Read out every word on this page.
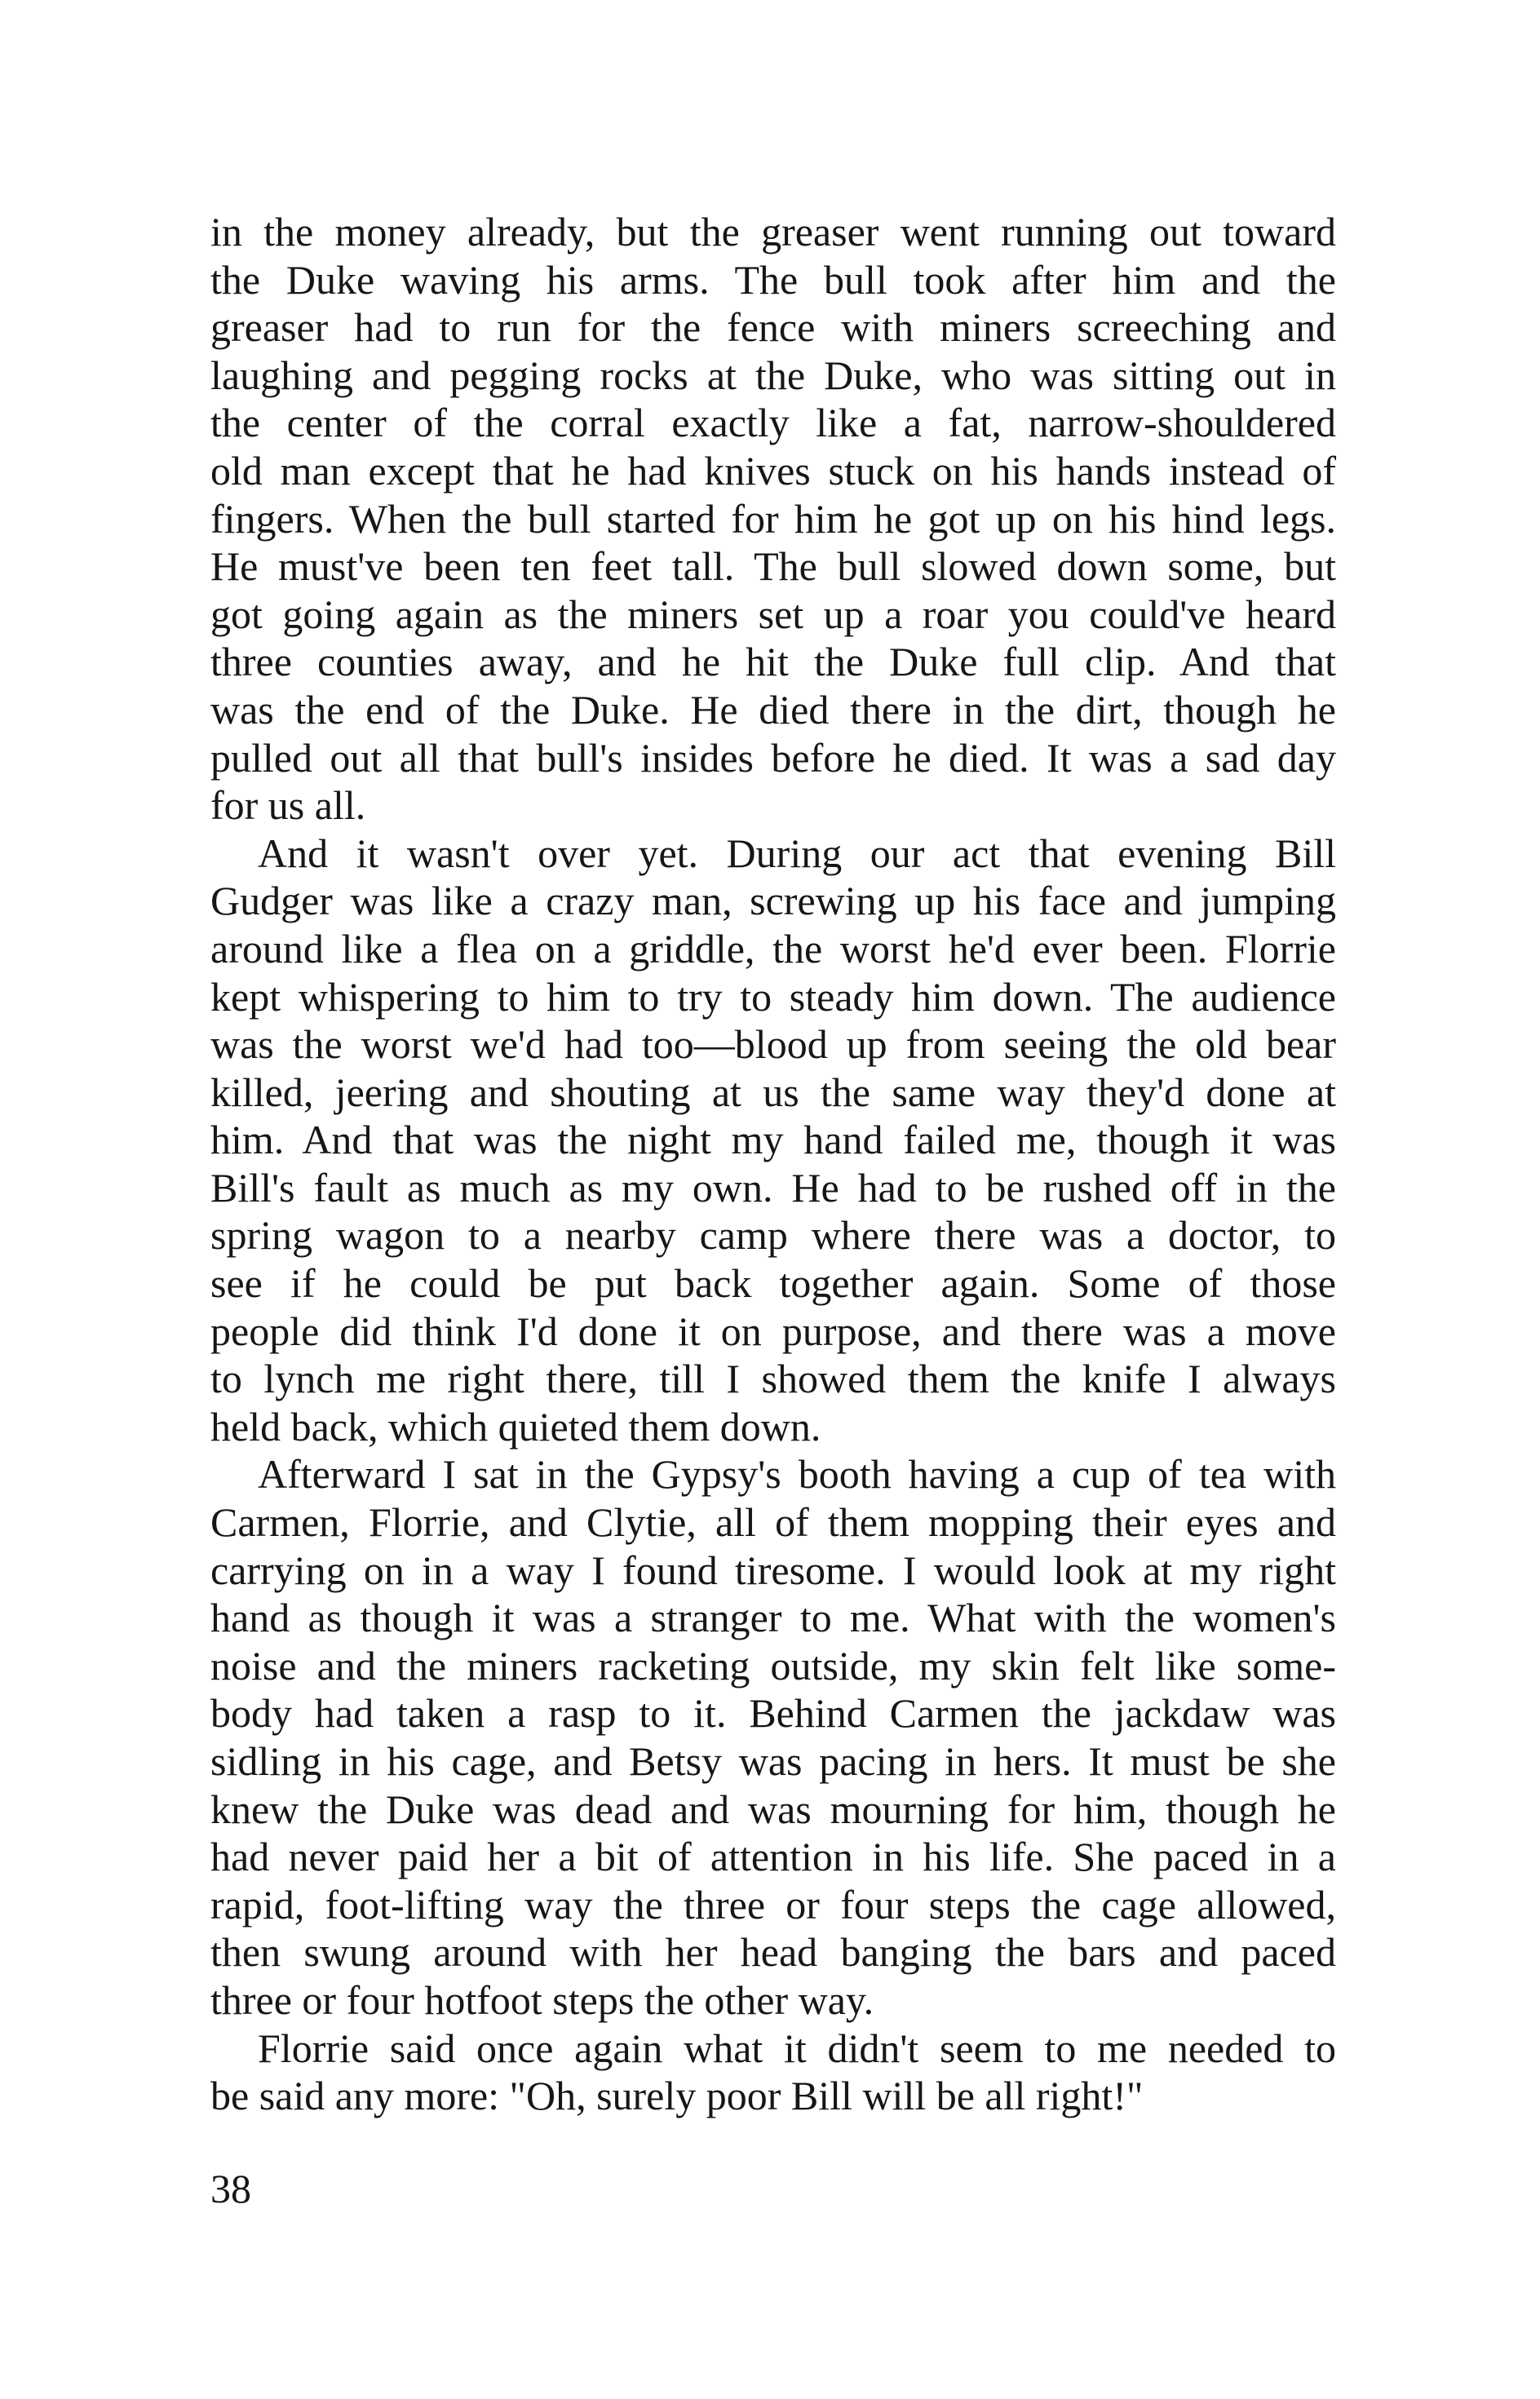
in the money already, but the greaser went running out toward
the Duke waving his arms. The bull took after him and the
greaser had to run for the fence with miners screeching and
laughing and pegging rocks at the Duke, who was sitting out in
the center of the corral exactly like a fat, narrow-shouldered
old man except that he had knives stuck on his hands instead of
fingers. When the bull started for him he got up on his hind legs.
He must've been ten feet tall. The bull slowed down some, but
got going again as the miners set up a roar you could've heard
three counties away, and he hit the Duke full clip. And that
was the end of the Duke. He died there in the dirt, though he
pulled out all that bull's insides before he died. It was a sad day
for us all.
And it wasn't over yet. During our act that evening Bill
Gudger was like a crazy man, screwing up his face and jumping
around like a flea on a griddle, the worst he'd ever been. Florrie
kept whispering to him to try to steady him down. The audience
was the worst we'd had too—blood up from seeing the old bear
killed, jeering and shouting at us the same way they'd done at
him. And that was the night my hand failed me, though it was
Bill's fault as much as my own. He had to be rushed off in the
spring wagon to a nearby camp where there was a doctor, to
see if he could be put back together again. Some of those
people did think I'd done it on purpose, and there was a move
to lynch me right there, till I showed them the knife I always
held back, which quieted them down.
Afterward I sat in the Gypsy's booth having a cup of tea with
Carmen, Florrie, and Clytie, all of them mopping their eyes and
carrying on in a way I found tiresome. I would look at my right
hand as though it was a stranger to me. What with the women's
noise and the miners racketing outside, my skin felt like some-
body had taken a rasp to it. Behind Carmen the jackdaw was
sidling in his cage, and Betsy was pacing in hers. It must be she
knew the Duke was dead and was mourning for him, though he
had never paid her a bit of attention in his life. She paced in a
rapid, foot-lifting way the three or four steps the cage allowed,
then swung around with her head banging the bars and paced
three or four hotfoot steps the other way.
Florrie said once again what it didn't seem to me needed to
be said any more: "Oh, surely poor Bill will be all right!"
38
